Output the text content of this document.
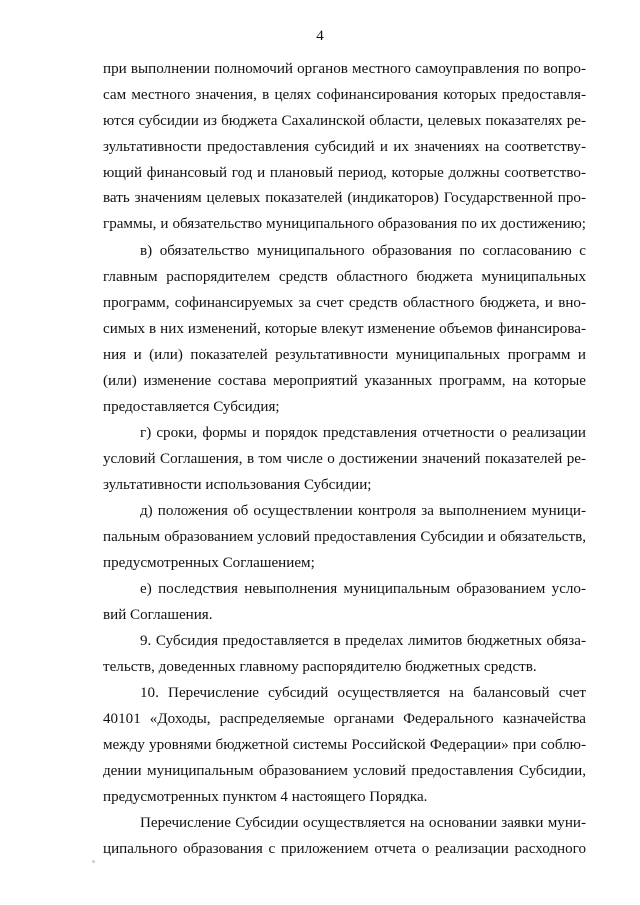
4
при выполнении полномочий органов местного самоуправления по вопро-
сам местного значения, в целях софинансирования которых предоставля-
ются субсидии из бюджета Сахалинской области, целевых показателях ре-
зультативности предоставления субсидий и их значениях на соответству-
ющий финансовый год и плановый период, которые должны соответство-
вать значениям целевых показателей (индикаторов) Государственной про-
граммы, и обязательство муниципального образования по их достижению;
в) обязательство муниципального образования по согласованию с
главным распорядителем средств областного бюджета муниципальных
программ, софинансируемых за счет средств областного бюджета, и вно-
симых в них изменений, которые влекут изменение объемов финансирова-
ния и (или) показателей результативности муниципальных программ и
(или) изменение состава мероприятий указанных программ, на которые
предоставляется Субсидия;
г) сроки, формы и порядок представления отчетности о реализации
условий Соглашения, в том числе о достижении значений показателей ре-
зультативности использования Субсидии;
д) положения об осуществлении контроля за выполнением муници-
пальным образованием условий предоставления Субсидии и обязательств,
предусмотренных Соглашением;
е) последствия невыполнения муниципальным образованием усло-
вий Соглашения.
9. Субсидия предоставляется в пределах лимитов бюджетных обяза-
тельств, доведенных главному распорядителю бюджетных средств.
10. Перечисление субсидий осуществляется на балансовый счет
40101 «Доходы, распределяемые органами Федерального казначейства
между уровнями бюджетной системы Российской Федерации» при соблю-
дении муниципальным образованием условий предоставления Субсидии,
предусмотренных пунктом 4 настоящего Порядка.
Перечисление Субсидии осуществляется на основании заявки муни-
ципального образования с приложением отчета о реализации расходного
